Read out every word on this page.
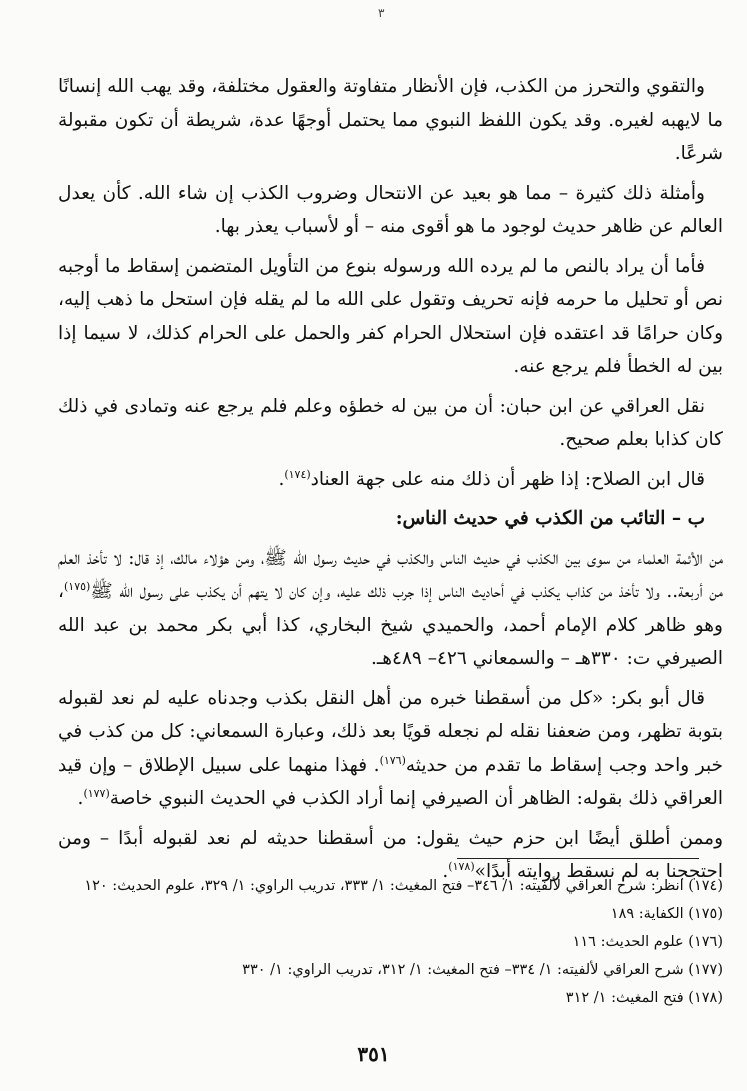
۳

والتقوي والتحرز من الكذب، فإن الأنظار متفاوتة والعقول مختلفة، وقد يهب الله إنسانًا ما لايهبه لغيره. وقد يكون اللفظ النبوي مما يحتمل أوجهًا عدة، شريطة أن تكون مقبولة شرعًا.

وأمثلة ذلك كثيرة – مما هو بعيد عن الانتحال وضروب الكذب إن شاء الله. كأن يعدل العالم عن ظاهر حديث لوجود ما هو أقوى منه – أو لأسباب يعذر بها.

فأما أن يراد بالنص ما لم يرده الله ورسوله بنوع من التأويل المتضمن إسقاط ما أوجبه نص أو تحليل ما حرمه فإنه تحريف وتقول على الله ما لم يقله فإن استحل ما ذهب إليه، وكان حرامًا قد اعتقده فإن استحلال الحرام كفر والحمل على الحرام كذلك، لا سيما إذا بين له الخطأ فلم يرجع عنه.

نقل العراقي عن ابن حبان: أن من بين له خطؤه وعلم فلم يرجع عنه وتمادى في ذلك كان كذابا بعلم صحيح.

قال ابن الصلاح: إذا ظهر أن ذلك منه على جهة العناد$^{(١٧٤)}$.

ب – التائب من الكذب في حديث الناس:

من الأئمة العلماء من سوى بين الكذب في حديث الناس والكذب في حديث رسول الله ﷺ، ومن هؤلاء مالك، إذ قال: لا تأخذ العلم من أربعة.. ولا تأخذ من كذاب يكذب في أحاديث الناس إذا جرب ذلك عليه، وإن كان لا يتهم أن يكذب على رسول الله ﷺ$^{(١٧٥)}$، وهو ظاهر كلام الإمام أحمد، والحميدي شيخ البخاري، كذا أبي بكر محمد بن عبد الله الصيرفي ت: ٣٣٠هـ – والسمعاني ٤٢٦– ٤٨٩هـ.

قال أبو بكر: «كل من أسقطنا خبره من أهل النقل بكذب وجدناه عليه لم نعد لقبوله بتوبة تظهر، ومن ضعفنا نقله لم نجعله قويًا بعد ذلك، وعبارة السمعاني: كل من كذب في خبر واحد وجب إسقاط ما تقدم من حديثه$^{(١٧٦)}$. فهذا منهما على سبيل الإطلاق – وإن قيد العراقي ذلك بقوله: الظاهر أن الصيرفي إنما أراد الكذب في الحديث النبوي خاصة$^{(١٧٧)}$.

وممن أطلق أيضًا ابن حزم حيث يقول: من أسقطنا حديثه لم نعد لقبوله أبدًا – ومن احتججنا به لم نسقط روايته أبدًا»$^{(١٧٨)}$.

(١٧٤) انظر: شرح العراقي لألفيته: ١/ ٣٤٦– فتح المغيث: ١/ ٣٣٣، تدريب الراوي: ١/ ٣٢٩، علوم الحديث: ١٢٠

(١٧٥) الكفاية: ١٨٩

(١٧٦) علوم الحديث: ١١٦

(١٧٧) شرح العراقي لألفيته: ١/ ٣٣٤– فتح المغيث: ١/ ٣١٢، تدريب الراوي: ١/ ٣٣٠

(١٧٨) فتح المغيث: ١/ ٣١٢

٣٥١
